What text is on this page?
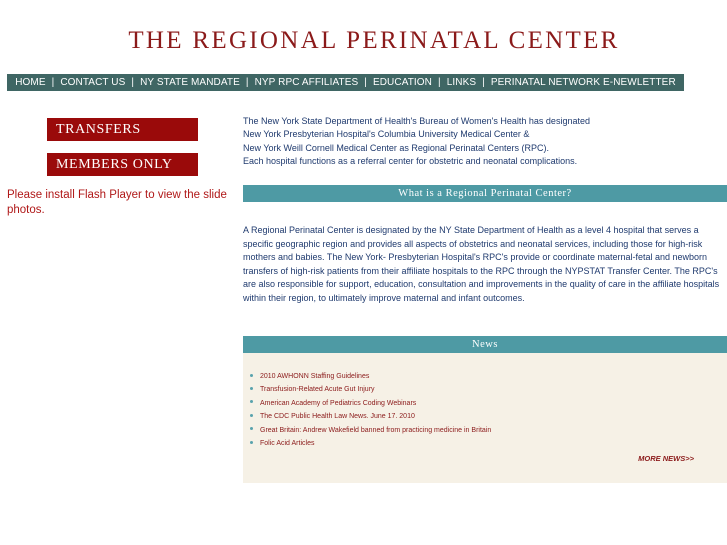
THE REGIONAL PERINATAL CENTER
HOME | CONTACT US | NY STATE MANDATE | NYP RPC AFFILIATES | EDUCATION | LINKS | PERINATAL NETWORK E-NEWLETTER
TRANSFERS
MEMBERS ONLY
Please install Flash Player to view the slide photos.
The New York State Department of Health's Bureau of Women's Health has designated
New York Presbyterian Hospital's Columbia University Medical Center &
New York Weill Cornell Medical Center as Regional Perinatal Centers (RPC).
Each hospital functions as a referral center for obstetric and neonatal complications.
What is a Regional Perinatal Center?
A Regional Perinatal Center is designated by the NY State Department of Health as a level 4 hospital that serves a specific geographic region and provides all aspects of obstetrics and neonatal services, including those for high-risk mothers and babies. The New York- Presbyterian Hospital's RPC's provide or coordinate maternal-fetal and newborn transfers of high-risk patients from their affiliate hospitals to the RPC through the NYPSTAT Transfer Center. The RPC's are also responsible for support, education, consultation and improvements in the quality of care in the affiliate hospitals within their region, to ultimately improve maternal and infant outcomes.
News
2010 AWHONN Staffing Guidelines
Transfusion-Related Acute Gut Injury
American Academy of Pediatrics Coding Webinars
The CDC Public Health Law News. June 17. 2010
Great Britain: Andrew Wakefield banned from practicing medicine in Britain
Folic Acid Articles
MORE NEWS>>
